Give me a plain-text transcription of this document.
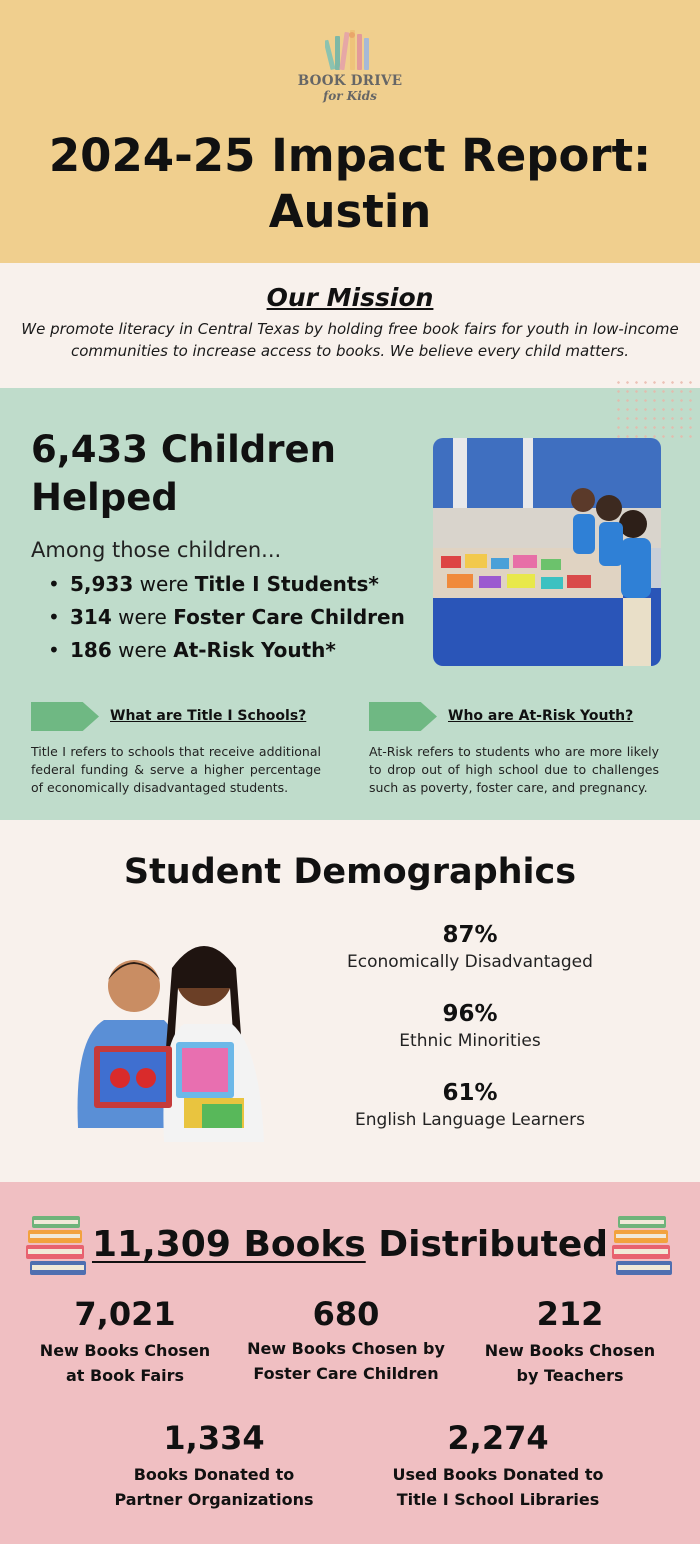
BOOK DRIVE
for Kids
2024-25 Impact Report:
Austin
Our Mission
We promote literacy in Central Texas by holding free book fairs for youth in low-income communities to increase access to books. We believe every child matters.
6,433 Children Helped
Among those children...
• 5,933 were Title I Students*
• 314 were Foster Care Children
• 186 were At-Risk Youth*
What are Title I Schools?
Title I refers to schools that receive additional federal funding & serve a higher percentage of economically disadvantaged students.
Who are At-Risk Youth?
At-Risk refers to students who are more likely to drop out of high school due to challenges such as poverty, foster care, and pregnancy.
Student Demographics
87%
Economically Disadvantaged
96%
Ethnic Minorities
61%
English Language Learners
11,309 Books Distributed
7,021
New Books Chosen
at Book Fairs
680
New Books Chosen by
Foster Care Children
212
New Books Chosen
by Teachers
1,334
Books Donated to
Partner Organizations
2,274
Used Books Donated to
Title I School Libraries
